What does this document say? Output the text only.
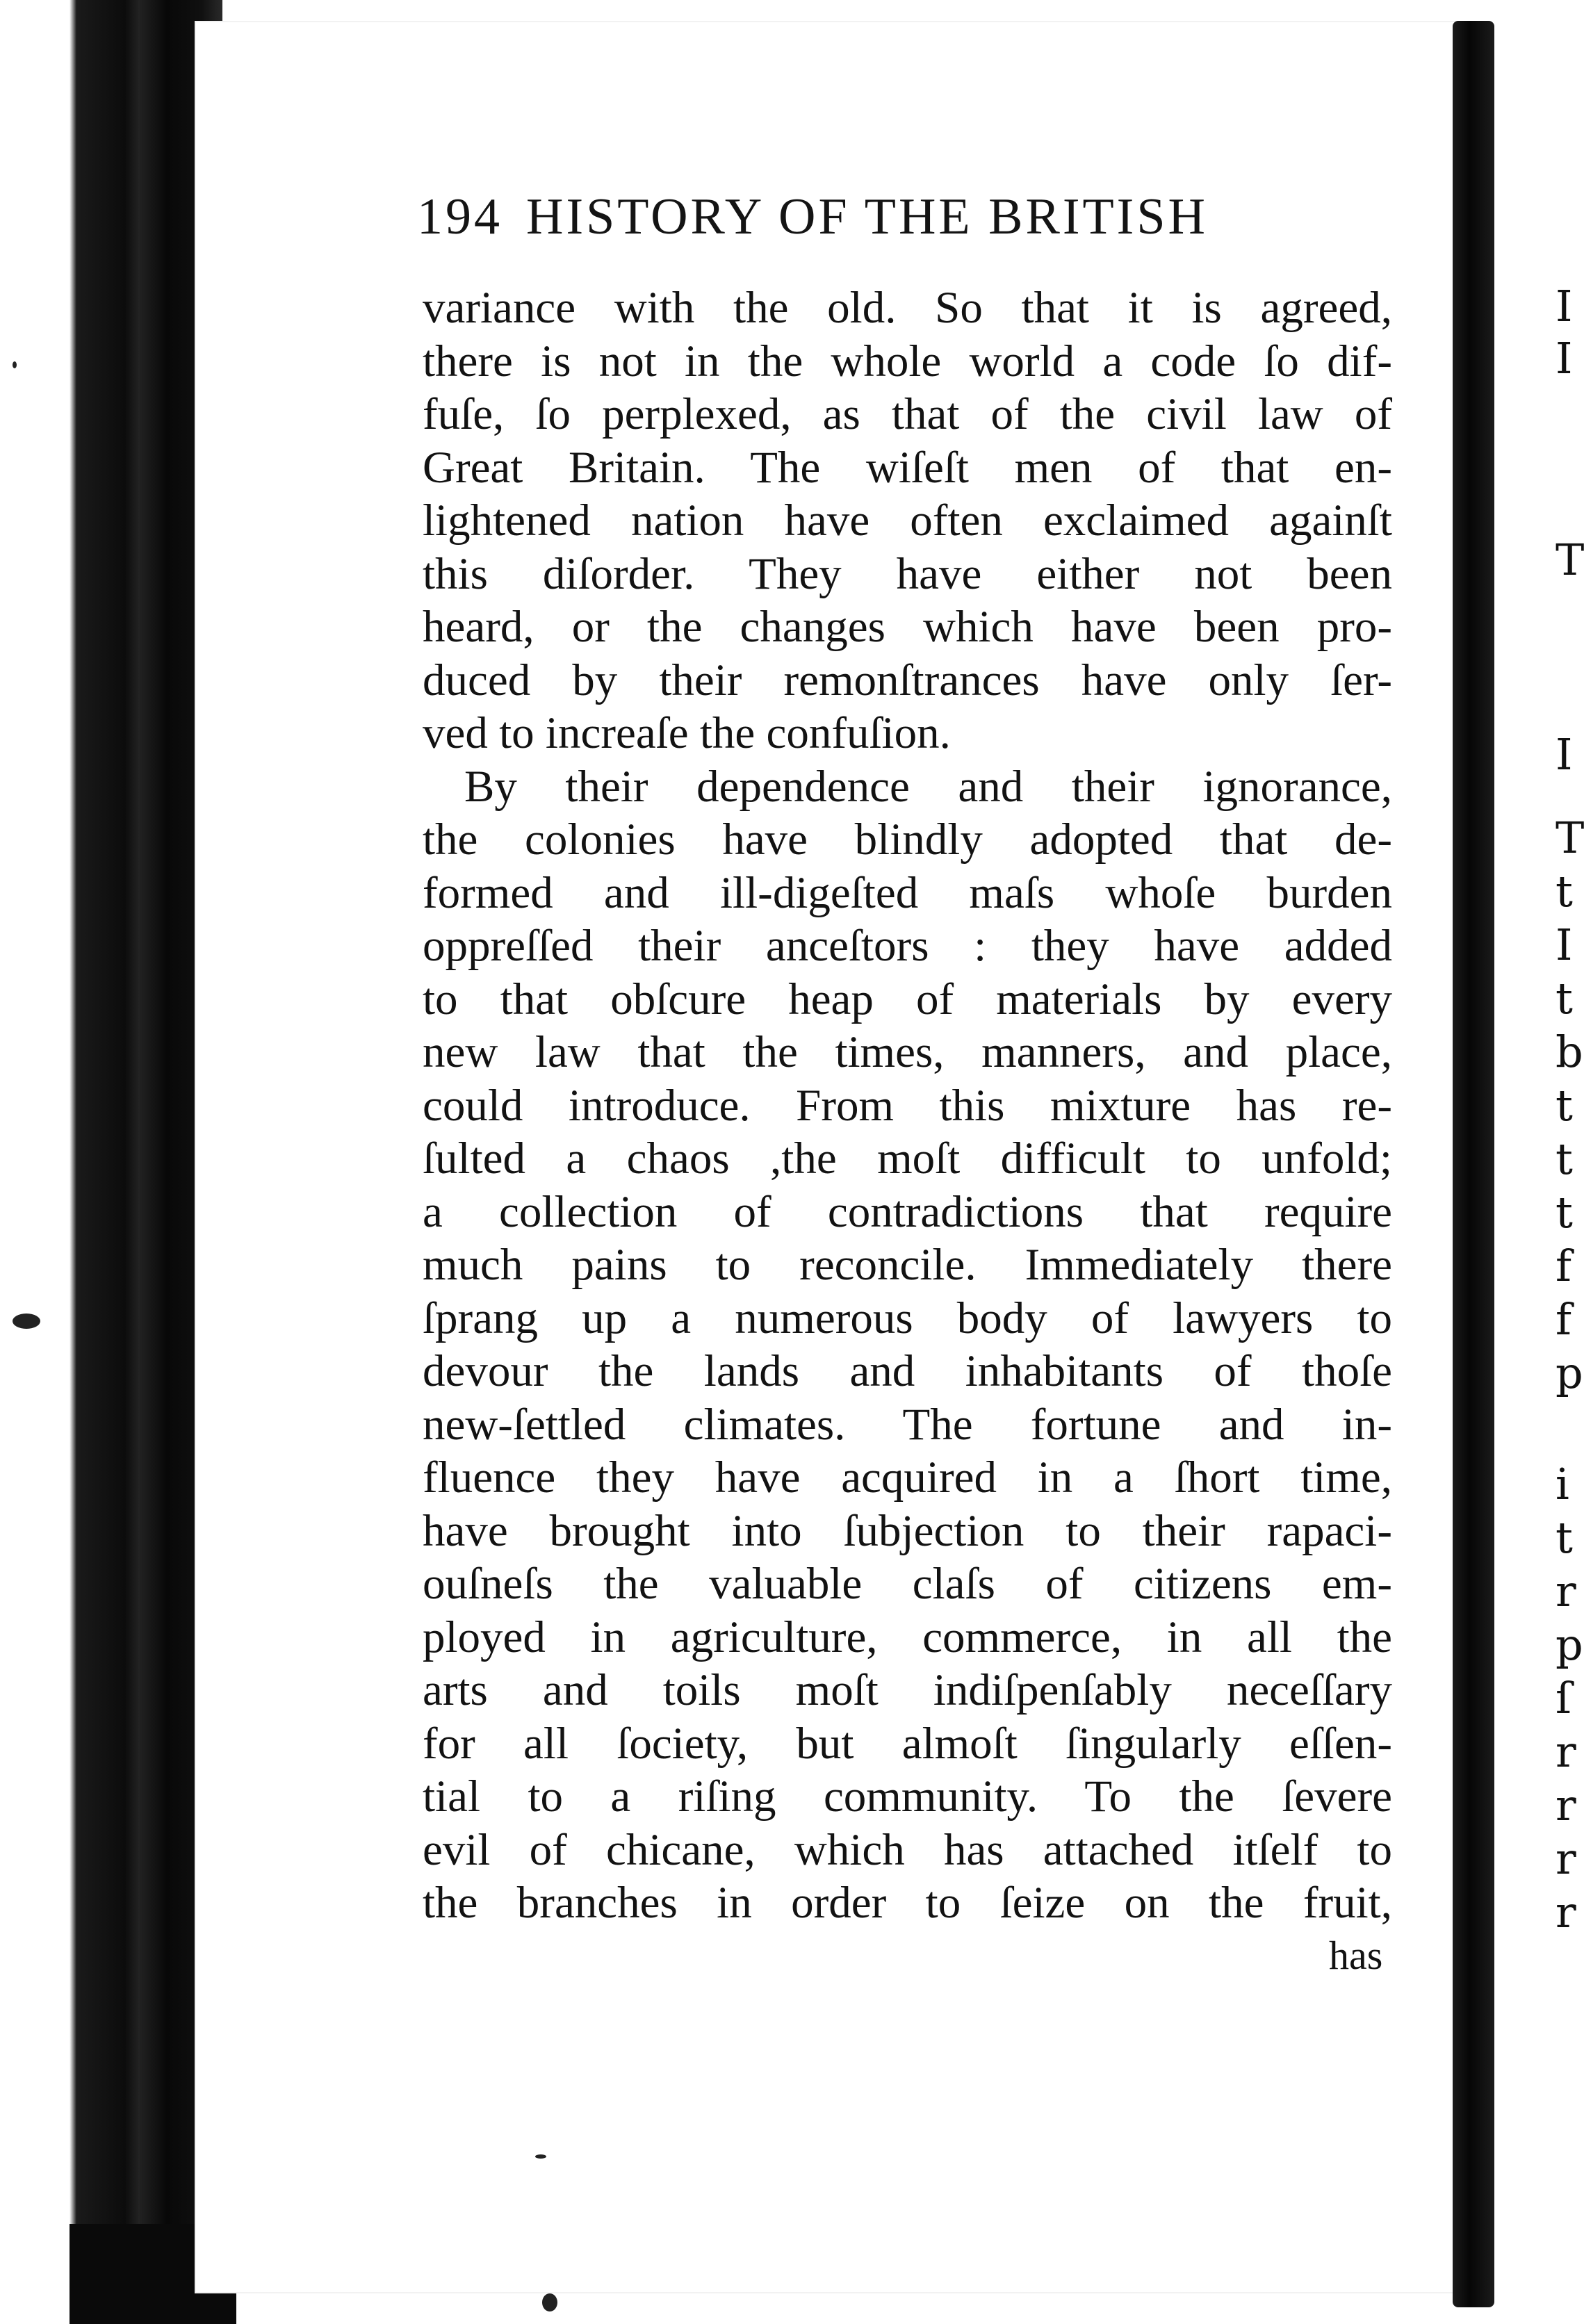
194 HISTORY OF THE BRITISH
variance with the old. So that it is agreed,
there is not in the whole world a code ſo dif-
fuſe, ſo perplexed, as that of the civil law of
Great Britain. The wiſeſt men of that en-
lightened nation have often exclaimed againſt
this diſorder. They have either not been
heard, or the changes which have been pro-
duced by their remonſtrances have only ſer-
ved to increaſe the confuſion.
By their dependence and their ignorance,
the colonies have blindly adopted that de-
formed and ill-digeſted maſs whoſe burden
oppreſſed their anceſtors : they have added
to that obſcure heap of materials by every
new law that the times, manners, and place,
could introduce. From this mixture has re-
ſulted a chaos ,the moſt difficult to unfold;
a collection of contradictions that require
much pains to reconcile. Immediately there
ſprang up a numerous body of lawyers to
devour the lands and inhabitants of thoſe
new-ſettled climates. The fortune and in-
fluence they have acquired in a ſhort time,
have brought into ſubjection to their rapaci-
ouſneſs the valuable claſs of citizens em-
ployed in agriculture, commerce, in all the
arts and toils moſt indiſpenſably neceſſary
for all ſociety, but almoſt ſingularly eſſen-
tial to a riſing community. To the ſevere
evil of chicane, which has attached itſelf to
the branches in order to ſeize on the fruit,
has
I
I
T
I
T
t
I
t
b
t
t
t
f
f
p
i
t
r
p
ſ
r
r
r
r
